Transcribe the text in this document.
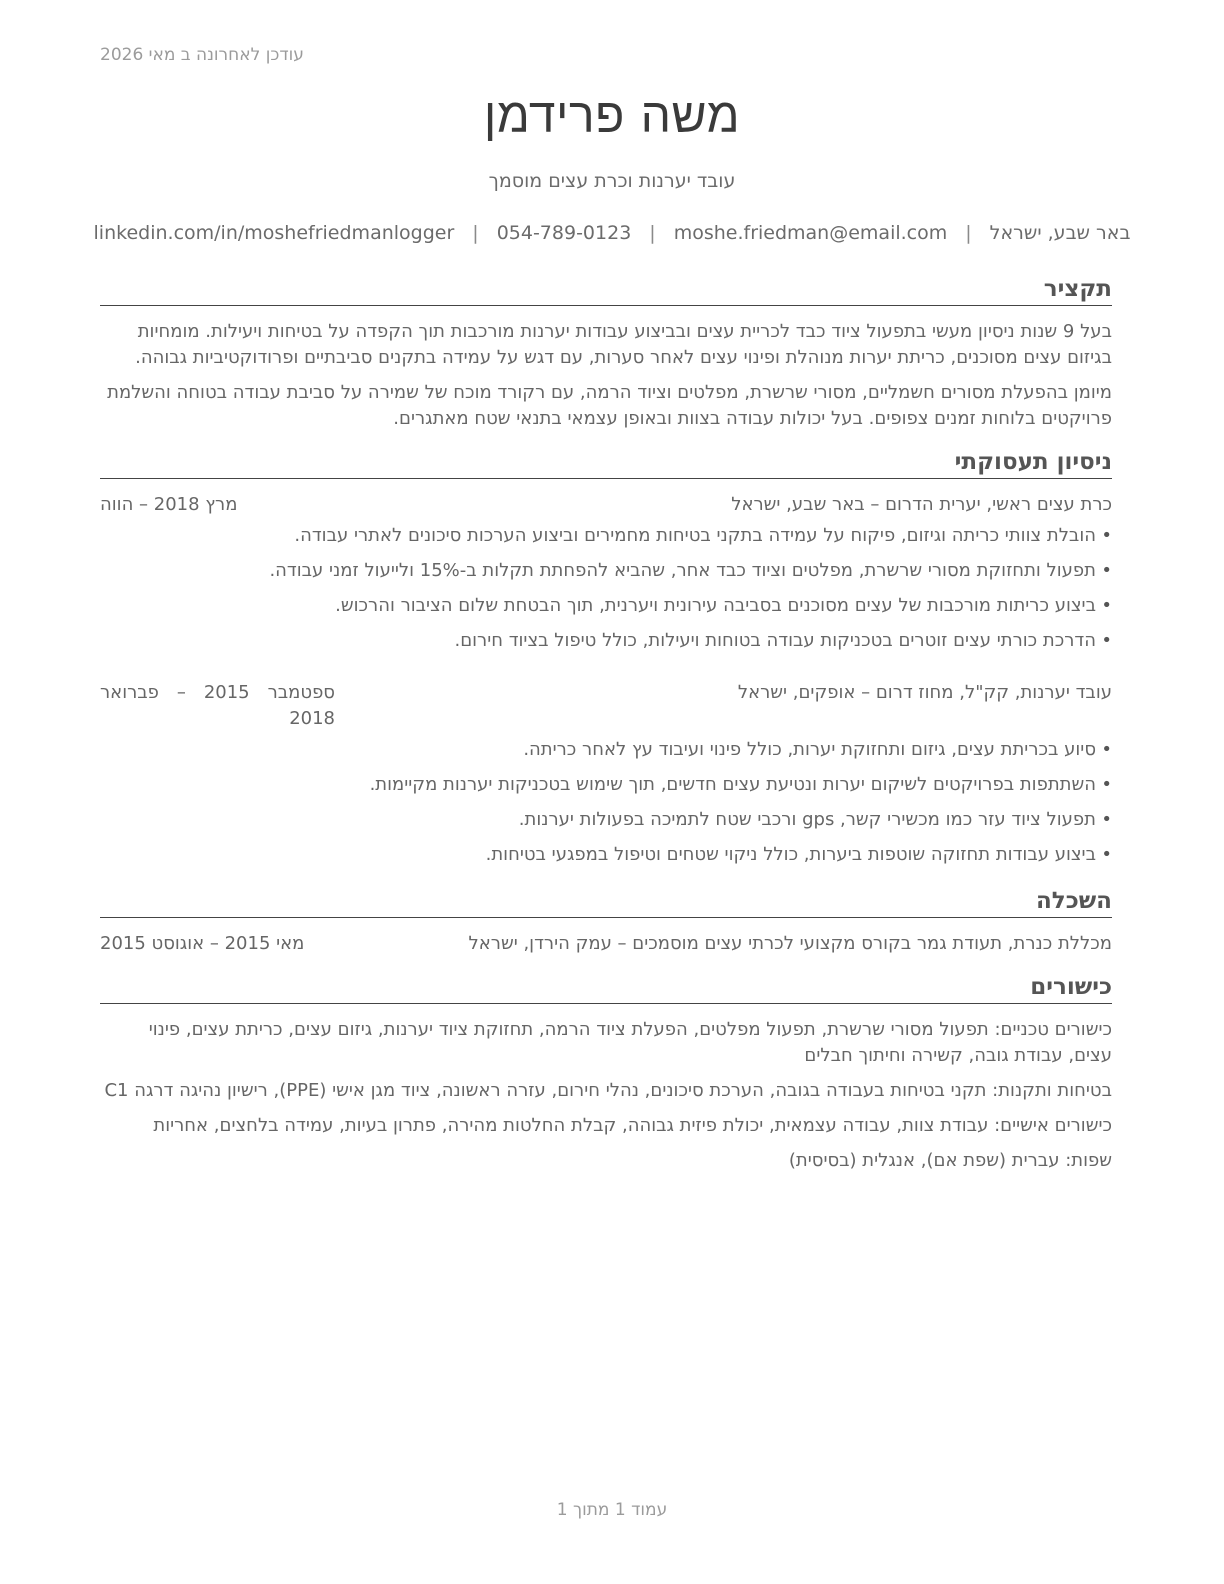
עודכן לאחרונה ב מאי 2026
משה פרידמן
עובד יערנות וכרת עצים מוסמך
באר שבע, ישראל
|
moshe.friedman@email.com
|
054-789-0123
|
linkedin.com/in/moshefriedmanlogger
תקציר

בעל 9 שנות ניסיון מעשי בתפעול ציוד כבד לכריית עצים ובביצוע עבודות יערנות מורכבות תוך הקפדה על בטיחות ויעילות. מומחיות בגיזום עצים מסוכנים, כריתת יערות מנוהלת ופינוי עצים לאחר סערות, עם דגש על עמידה בתקנים סביבתיים ופרודוקטיביות גבוהה.

מיומן בהפעלת מסורים חשמליים, מסורי שרשרת, מפלטים וציוד הרמה, עם רקורד מוכח של שמירה על סביבת עבודה בטוחה והשלמת פרויקטים בלוחות זמנים צפופים. בעל יכולות עבודה בצוות ובאופן עצמאי בתנאי שטח מאתגרים.

ניסיון תעסוקתי
כרת עצים ראשי, יערית הדרום – באר שבע, ישראל
מרץ 2018 – הווה
• הובלת צוותי כריתה וגיזום, פיקוח על עמידה בתקני בטיחות מחמירים וביצוע הערכות סיכונים לאתרי עבודה.
• תפעול ותחזוקת מסורי שרשרת, מפלטים וציוד כבד אחר, שהביא להפחתת תקלות ב-15% ולייעול זמני עבודה.
• ביצוע כריתות מורכבות של עצים מסוכנים בסביבה עירונית ויערנית, תוך הבטחת שלום הציבור והרכוש.
• הדרכת כורתי עצים זוטרים בטכניקות עבודה בטוחות ויעילות, כולל טיפול בציוד חירום.
עובד יערנות, קק"ל, מחוז דרום – אופקים, ישראל
ספטמבר 2015 – פברואר 2018
• סיוע בכריתת עצים, גיזום ותחזוקת יערות, כולל פינוי ועיבוד עץ לאחר כריתה.
• השתתפות בפרויקטים לשיקום יערות ונטיעת עצים חדשים, תוך שימוש בטכניקות יערנות מקיימות.
• תפעול ציוד עזר כמו מכשירי קשר, gps ורכבי שטח לתמיכה בפעולות יערנות.
• ביצוע עבודות תחזוקה שוטפות ביערות, כולל ניקוי שטחים וטיפול במפגעי בטיחות.
השכלה
מכללת כנרת, תעודת גמר בקורס מקצועי לכרתי עצים מוסמכים – עמק הירדן, ישראל
מאי 2015 – אוגוסט 2015
כישורים

כישורים טכניים: תפעול מסורי שרשרת, תפעול מפלטים, הפעלת ציוד הרמה, תחזוקת ציוד יערנות, גיזום עצים, כריתת עצים, פינוי עצים, עבודת גובה, קשירה וחיתוך חבלים

בטיחות ותקנות: תקני בטיחות בעבודה בגובה, הערכת סיכונים, נהלי חירום, עזרה ראשונה, ציוד מגן אישי (PPE), רישיון נהיגה דרגה C1

כישורים אישיים: עבודת צוות, עבודה עצמאית, יכולת פיזית גבוהה, קבלת החלטות מהירה, פתרון בעיות, עמידה בלחצים, אחריות

שפות: עברית (שפת אם), אנגלית (בסיסית)

עמוד 1 מתוך 1
